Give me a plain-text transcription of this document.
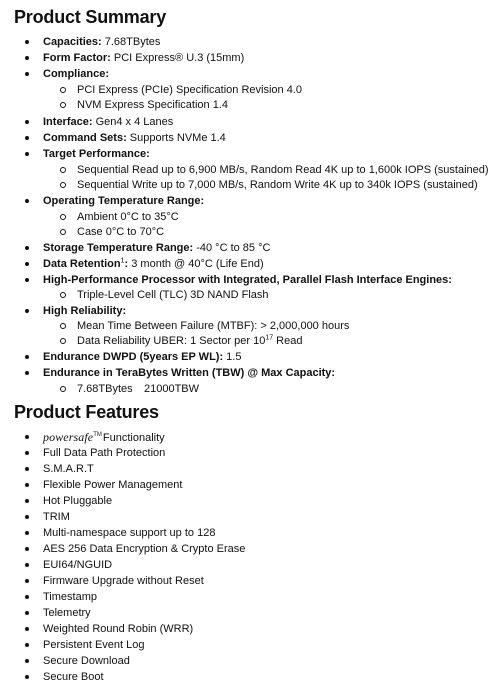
Product Summary
Capacities: 7.68TBytes
Form Factor: PCI Express® U.3 (15mm)
Compliance:
PCI Express (PCIe) Specification Revision 4.0
NVM Express Specification 1.4
Interface: Gen4 x 4 Lanes
Command Sets: Supports NVMe 1.4
Target Performance:
Sequential Read up to 6,900 MB/s, Random Read 4K up to 1,600k IOPS (sustained)
Sequential Write up to 7,000 MB/s, Random Write 4K up to 340k IOPS (sustained)
Operating Temperature Range:
Ambient 0°C to 35°C
Case 0°C to 70°C
Storage Temperature Range: -40 °C to 85 °C
Data Retention$^1$: 3 month @ 40°C (Life End)
High-Performance Processor with Integrated, Parallel Flash Interface Engines:
Triple-Level Cell (TLC) 3D NAND Flash
High Reliability:
Mean Time Between Failure (MTBF): > 2,000,000 hours
Data Reliability UBER: 1 Sector per $10^{17}$ Read
Endurance DWPD (5years EP WL): 1.5
Endurance in TeraBytes Written (TBW) @ Max Capacity:
7.68TBytes 21000TBW
Product Features
powersafe™Functionality
Full Data Path Protection
S.M.A.R.T
Flexible Power Management
Hot Pluggable
TRIM
Multi-namespace support up to 128
AES 256 Data Encryption & Crypto Erase
EUI64/NGUID
Firmware Upgrade without Reset
Timestamp
Telemetry
Weighted Round Robin (WRR)
Persistent Event Log
Secure Download
Secure Boot
